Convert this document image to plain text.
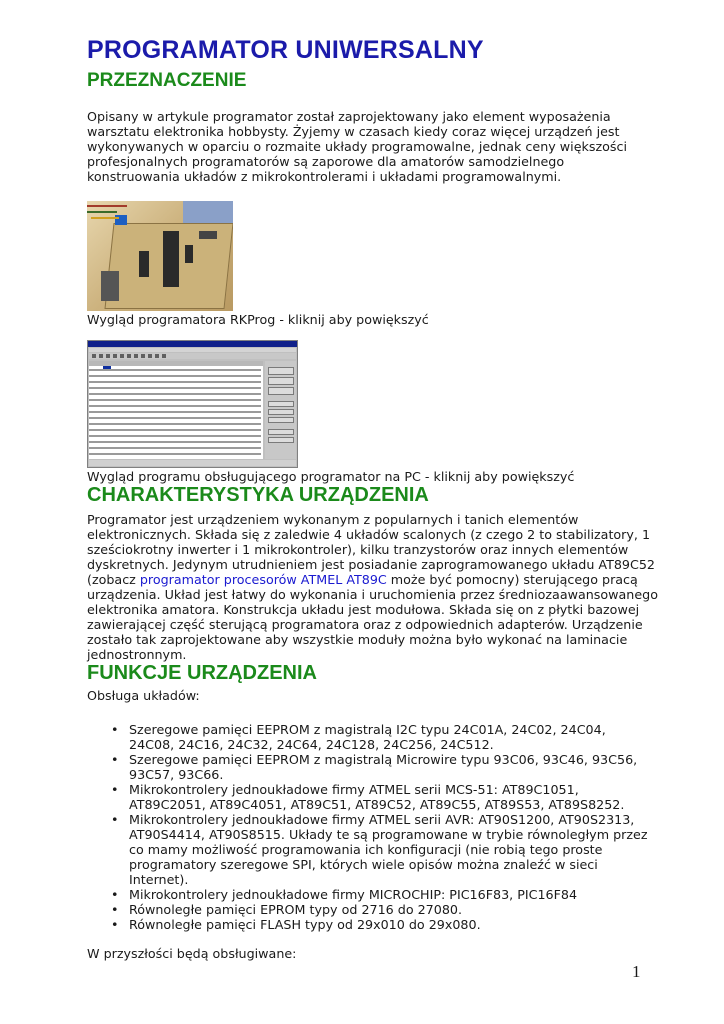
PROGRAMATOR UNIWERSALNY
PRZEZNACZENIE

Opisany w artykule programator został zaprojektowany jako element wyposażenia
warsztatu elektronika hobbysty. Żyjemy w czasach kiedy coraz więcej urządzeń jest
wykonywanych w oparciu o rozmaite układy programowalne, jednak ceny większości
profesjonalnych programatorów są zaporowe dla amatorów samodzielnego
konstruowania układów z mikrokontrolerami i układami programowalnymi.

Wygląd programatora RKProg - kliknij aby powiększyć

Wygląd programu obsługującego programator na PC - kliknij aby powiększyć

CHARAKTERYSTYKA URZĄDZENIA

Programator jest urządzeniem wykonanym z popularnych i tanich elementów
elektronicznych. Składa się z zaledwie 4 układów scalonych (z czego 2 to stabilizatory, 1
sześciokrotny inwerter i 1 mikrokontroler), kilku tranzystorów oraz innych elementów
dyskretnych. Jedynym utrudnieniem jest posiadanie zaprogramowanego układu AT89C52
(zobacz programator procesorów ATMEL AT89C może być pomocny) sterującego pracą
urządzenia. Układ jest łatwy do wykonania i uruchomienia przez średniozaawansowanego
elektronika amatora. Konstrukcja układu jest modułowa. Składa się on z płytki bazowej
zawierającej część sterującą programatora oraz z odpowiednich adapterów. Urządzenie
zostało tak zaprojektowane aby wszystkie moduły można było wykonać na laminacie
jednostronnym.

FUNKCJE URZĄDZENIA

Obsługa układów:

• Szeregowe pamięci EEPROM z magistralą I2C typu 24C01A, 24C02, 24C04,
24C08, 24C16, 24C32, 24C64, 24C128, 24C256, 24C512.
• Szeregowe pamięci EEPROM z magistralą Microwire typu 93C06, 93C46, 93C56,
93C57, 93C66.
• Mikrokontrolery jednoukładowe firmy ATMEL serii MCS-51: AT89C1051,
AT89C2051, AT89C4051, AT89C51, AT89C52, AT89C55, AT89S53, AT89S8252.
• Mikrokontrolery jednoukładowe firmy ATMEL serii AVR: AT90S1200, AT90S2313,
AT90S4414, AT90S8515. Układy te są programowane w trybie równoległym przez
co mamy możliwość programowania ich konfiguracji (nie robią tego proste
programatory szeregowe SPI, których wiele opisów można znaleźć w sieci
Internet).
• Mikrokontrolery jednoukładowe firmy MICROCHIP: PIC16F83, PIC16F84
• Równoległe pamięci EPROM typy od 2716 do 27080.
• Równoległe pamięci FLASH typy od 29x010 do 29x080.

W przyszłości będą obsługiwane:

1
